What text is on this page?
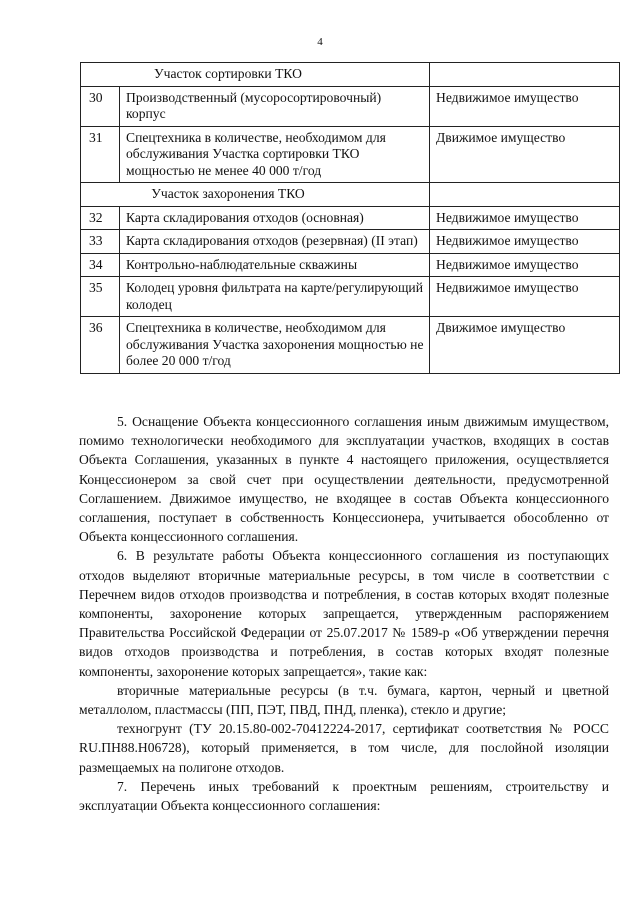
4
Участок сортировки ТКО		
30	Производственный (мусоросортировочный) корпус	Недвижимое имущество
31	Спецтехника в количестве, необходимом для обслуживания Участка сортировки ТКО мощностью не менее 40 000 т/год	Движимое имущество
Участок захоронения ТКО		
32	Карта складирования отходов (основная)	Недвижимое имущество
33	Карта складирования отходов (резервная) (II этап)	Недвижимое имущество
34	Контрольно-наблюдательные скважины	Недвижимое имущество
35	Колодец уровня фильтрата на карте/регулирующий колодец	Недвижимое имущество
36	Спецтехника в количестве, необходимом для обслуживания Участка захоронения мощностью не более 20 000 т/год	Движимое имущество

5. Оснащение Объекта концессионного соглашения иным движимым имуществом, помимо технологически необходимого для эксплуатации участков, входящих в состав Объекта Соглашения, указанных в пункте 4 настоящего приложения, осуществляется Концессионером за свой счет при осуществлении деятельности, предусмотренной Соглашением. Движимое имущество, не входящее в состав Объекта концессионного соглашения, поступает в собственность Концессионера, учитывается обособленно от Объекта концессионного соглашения.

6. В результате работы Объекта концессионного соглашения из поступающих отходов выделяют вторичные материальные ресурсы, в том числе в соответствии с Перечнем видов отходов производства и потребления, в состав которых входят полезные компоненты, захоронение которых запрещается, утвержденным распоряжением Правительства Российской Федерации от 25.07.2017 № 1589-р «Об утверждении перечня видов отходов производства и потребления, в состав которых входят полезные компоненты, захоронение которых запрещается», такие как:

вторичные материальные ресурсы (в т.ч. бумага, картон, черный и цветной металлолом, пластмассы (ПП, ПЭТ, ПВД, ПНД, пленка), стекло и другие;

техногрунт (ТУ 20.15.80-002-70412224-2017, сертификат соответствия № РОСС RU.ПН88.Н06728), который применяется, в том числе, для послойной изоляции размещаемых на полигоне отходов.

7. Перечень иных требований к проектным решениям, строительству и эксплуатации Объекта концессионного соглашения:
